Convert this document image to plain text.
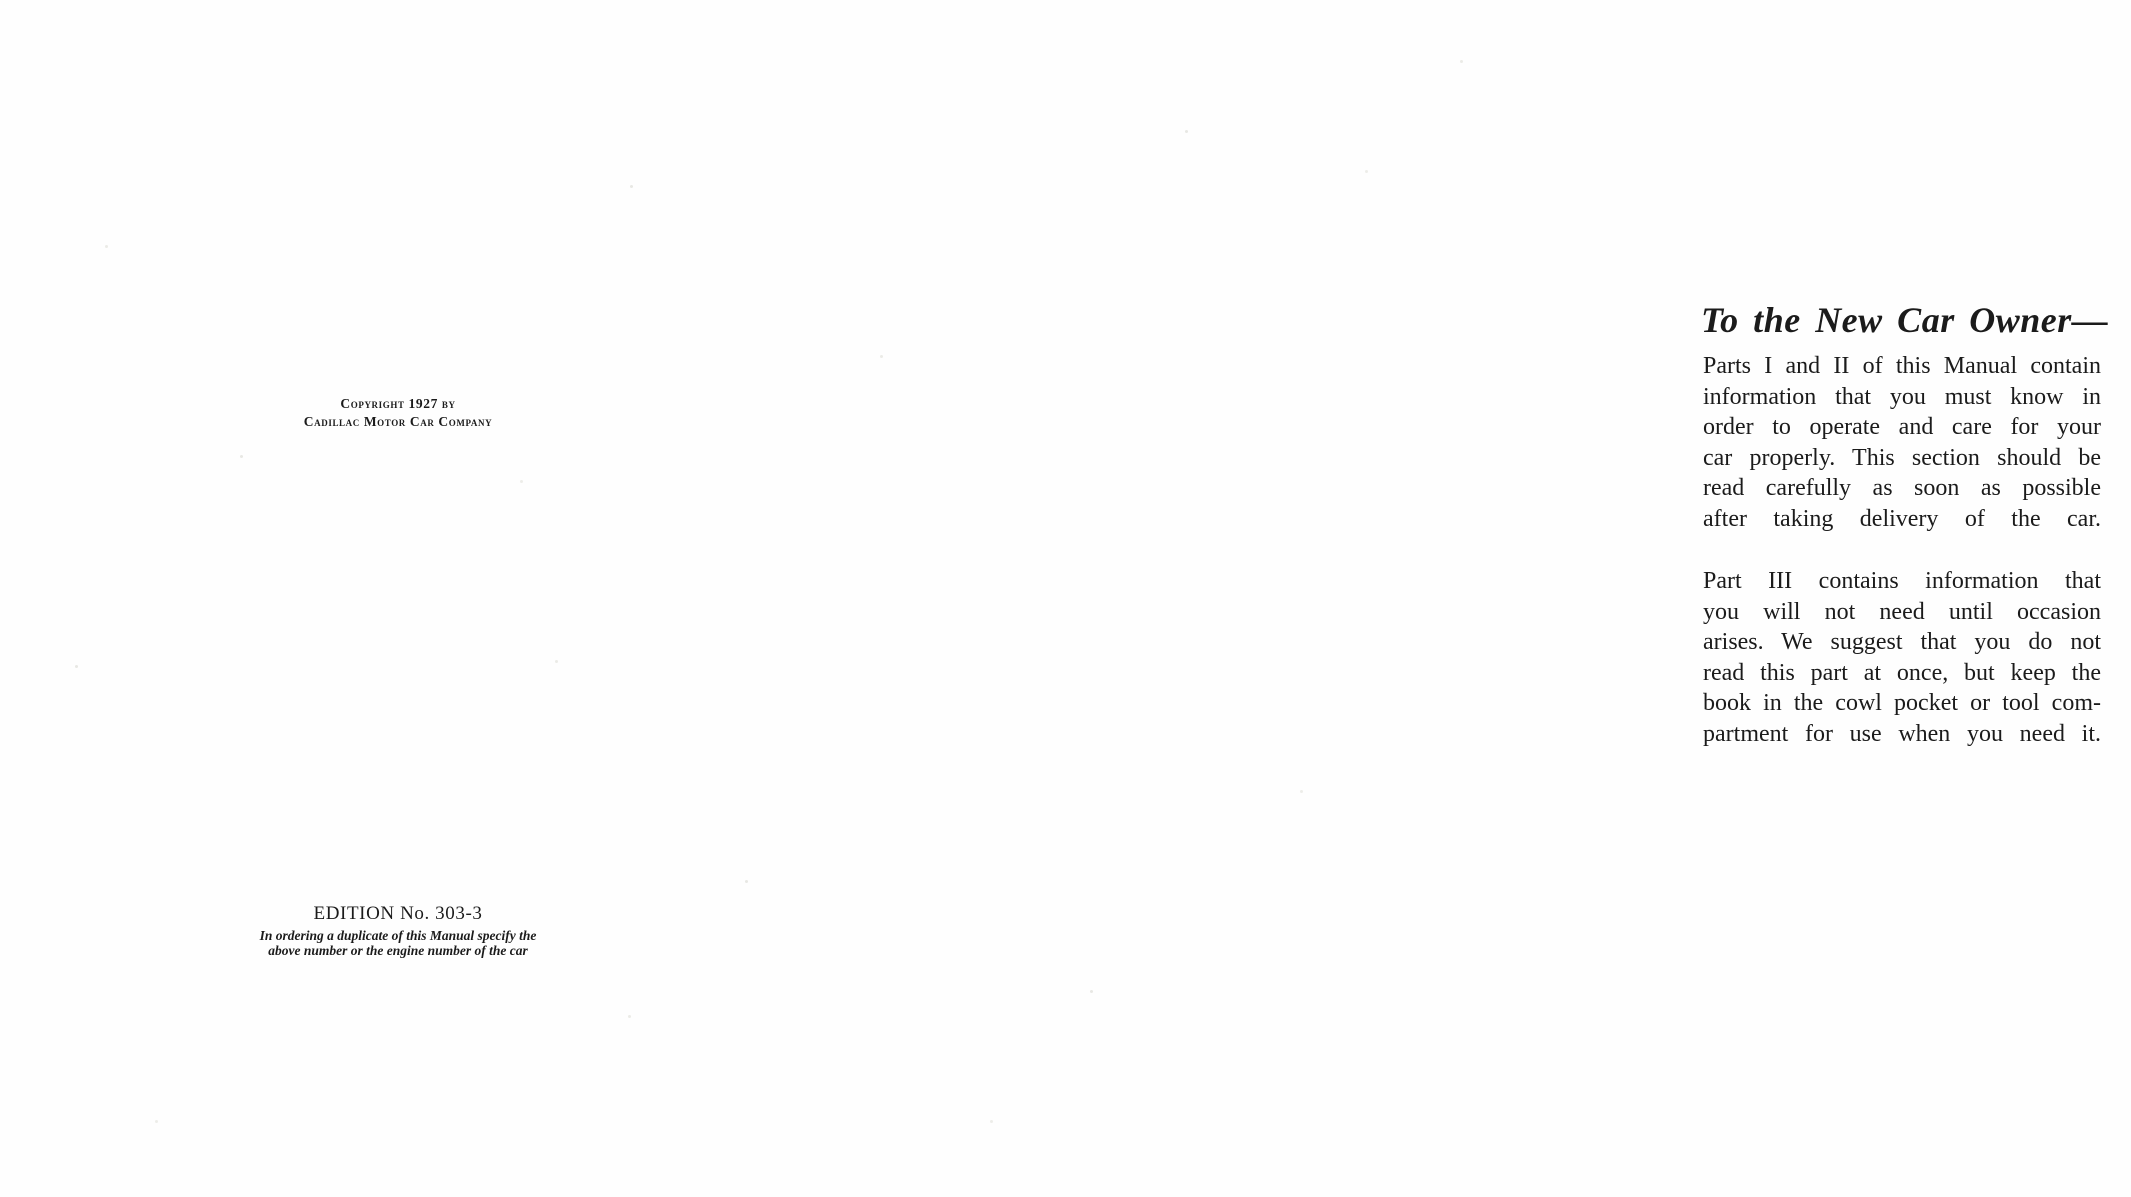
Copyright 1927 by
Cadillac Motor Car Company
EDITION No. 303-3
In ordering a duplicate of this Manual specify the
above number or the engine number of the car
To the New Car Owner—
Parts I and II of this Manual contain
information that you must know in
order to operate and care for your
car properly. This section should be
read carefully as soon as possible
after taking delivery of the car.
Part III contains information that
you will not need until occasion
arises. We suggest that you do not
read this part at once, but keep the
book in the cowl pocket or tool com-
partment for use when you need it.
